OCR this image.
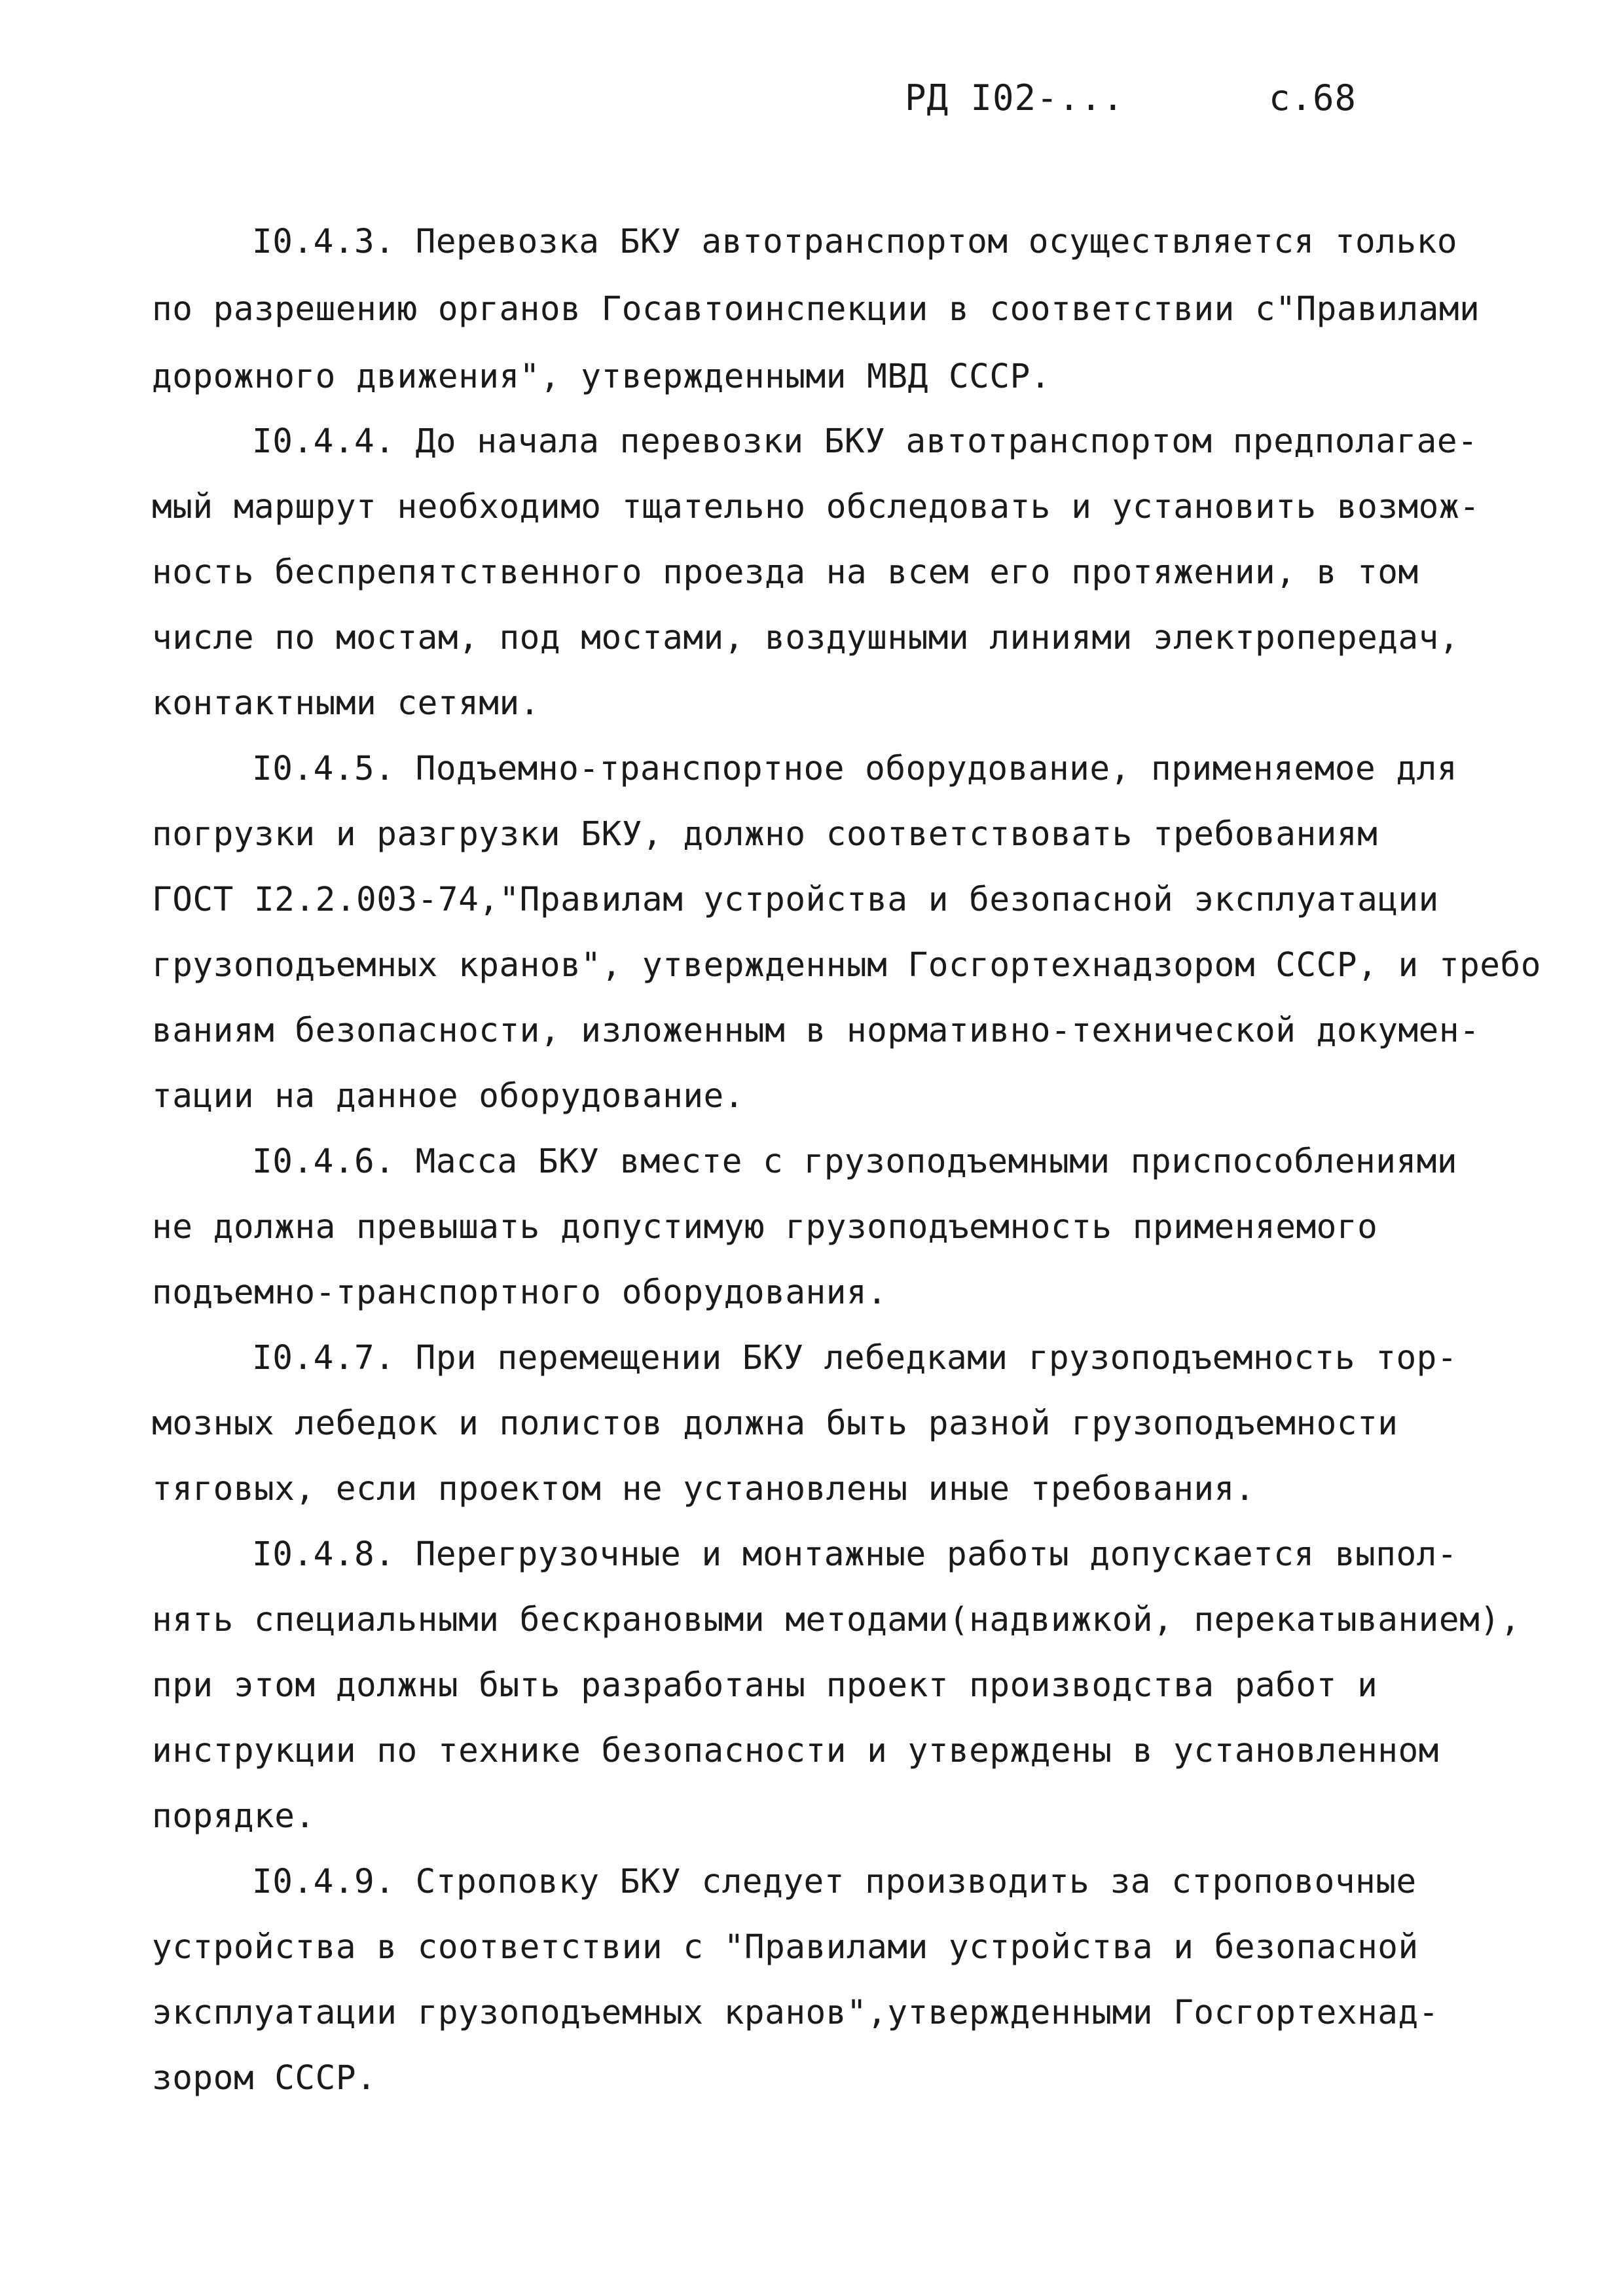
РД I02-...	с.68
I0.4.3. Перевозка БКУ автотранспортом осуществляется только
по разрешению органов Госавтоинспекции в соответствии с"Правилами
дорожного движения", утвержденными МВД СССР.
I0.4.4. До начала перевозки БКУ автотранспортом предполагае-
мый маршрут необходимо тщательно обследовать и установить возмож-
ность беспрепятственного проезда на всем его протяжении, в том
числе по мостам, под мостами, воздушными линиями электропередач,
контактными сетями.
I0.4.5. Подъемно-транспортное оборудование, применяемое для
погрузки и разгрузки БКУ, должно соответствовать требованиям
ГОСТ I2.2.003-74,"Правилам устройства и безопасной эксплуатации
грузоподъемных кранов", утвержденным Госгортехнадзором СССР, и требо
ваниям безопасности, изложенным в нормативно-технической докумен-
тации на данное оборудование.
I0.4.6. Масса БКУ вместе с грузоподъемными приспособлениями
не должна превышать допустимую грузоподъемность применяемого
подъемно-транспортного оборудования.
I0.4.7. При перемещении БКУ лебедками грузоподъемность тор-
мозных лебедок и полистов должна быть разной грузоподъемности
тяговых, если проектом не установлены иные требования.
I0.4.8. Перегрузочные и монтажные работы допускается выпол-
нять специальными бескрановыми методами(надвижкой, перекатыванием),
при этом должны быть разработаны проект производства работ и
инструкции по технике безопасности и утверждены в установленном
порядке.
I0.4.9. Строповку БКУ следует производить за строповочные
устройства в соответствии с "Правилами устройства и безопасной
эксплуатации грузоподъемных кранов",утвержденными Госгортехнад-
зором СССР.
